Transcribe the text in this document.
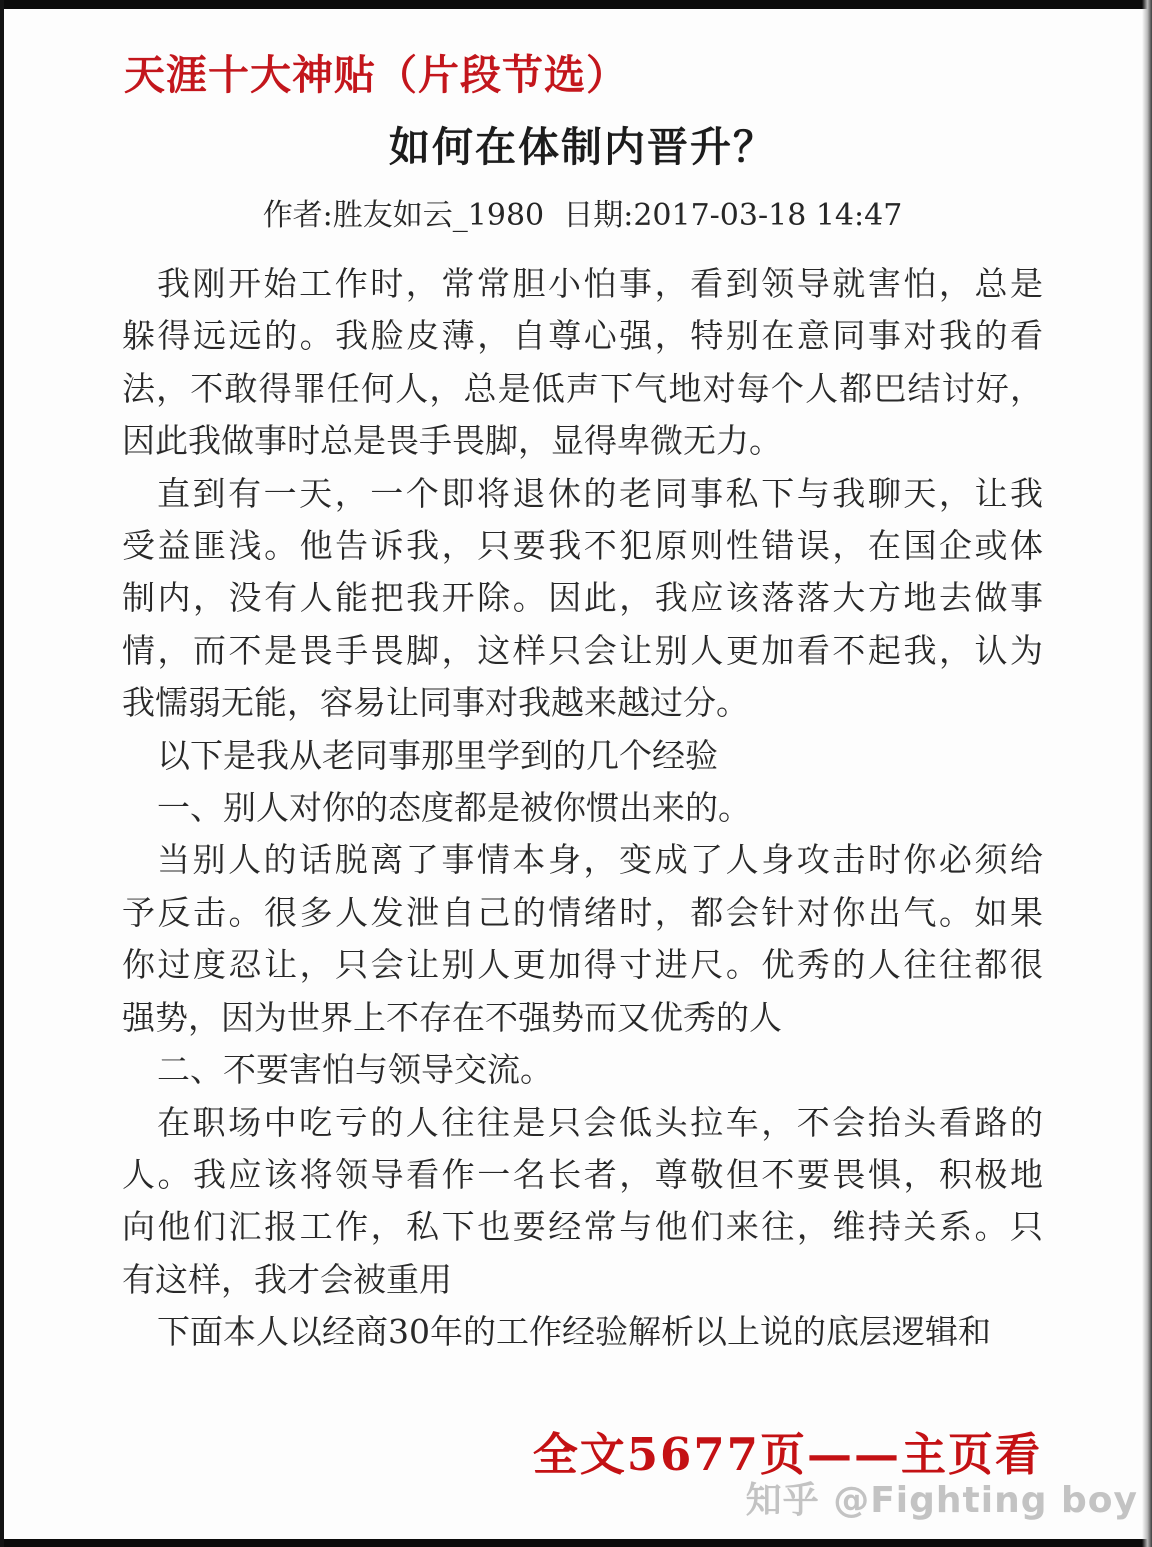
天涯十大神贴（片段节选）
如何在体制内晋升？
作者:胜友如云_1980  日期:2017-03-18 14:47

我刚开始工作时，常常胆小怕事，看到领导就害怕，总是
躲得远远的。我脸皮薄，自尊心强，特别在意同事对我的看
法，不敢得罪任何人，总是低声下气地对每个人都巴结讨好，
因此我做事时总是畏手畏脚，显得卑微无力。

直到有一天，一个即将退休的老同事私下与我聊天，让我
受益匪浅。他告诉我，只要我不犯原则性错误，在国企或体
制内，没有人能把我开除。因此，我应该落落大方地去做事
情，而不是畏手畏脚，这样只会让别人更加看不起我，认为
我懦弱无能，容易让同事对我越来越过分。

以下是我从老同事那里学到的几个经验

一、别人对你的态度都是被你惯出来的。

当别人的话脱离了事情本身，变成了人身攻击时你必须给
予反击。很多人发泄自己的情绪时，都会针对你出气。如果
你过度忍让，只会让别人更加得寸进尺。优秀的人往往都很
强势，因为世界上不存在不强势而又优秀的人

二、不要害怕与领导交流。

在职场中吃亏的人往往是只会低头拉车，不会抬头看路的
人。我应该将领导看作一名长者，尊敬但不要畏惧，积极地
向他们汇报工作，私下也要经常与他们来往，维持关系。只
有这样，我才会被重用

下面本人以经商30年的工作经验解析以上说的底层逻辑和

全文5677页——主页看
知乎 @Fighting boy
